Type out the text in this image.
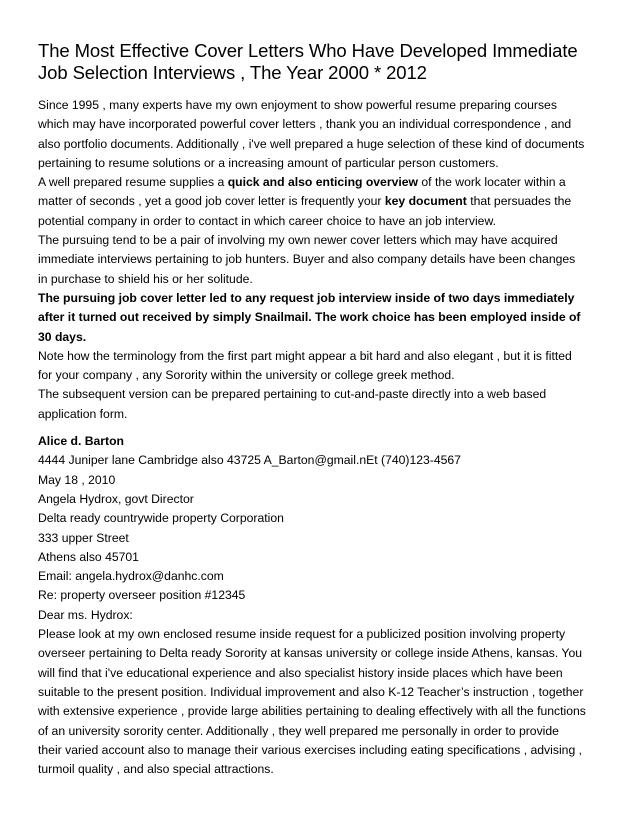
The Most Effective Cover Letters Who Have Developed Immediate
Job Selection Interviews , The Year 2000 * 2012
Since 1995 , many experts have my own enjoyment to show powerful resume preparing courses
which may have incorporated powerful cover letters , thank you an individual correspondence , and
also portfolio documents. Additionally , i've well prepared a huge selection of these kind of documents
pertaining to resume solutions or a increasing amount of particular person customers.
A well prepared resume supplies a quick and also enticing overview of the work locater within a
matter of seconds , yet a good job cover letter is frequently your key document that persuades the
potential company in order to contact in which career choice to have an job interview.
The pursuing tend to be a pair of involving my own newer cover letters which may have acquired
immediate interviews pertaining to job hunters. Buyer and also company details have been changes
in purchase to shield his or her solitude.
The pursuing job cover letter led to any request job interview inside of two days immediately
after it turned out received by simply Snailmail. The work choice has been employed inside of
30 days.
Note how the terminology from the first part might appear a bit hard and also elegant , but it is fitted
for your company , any Sorority within the university or college greek method.
The subsequent version can be prepared pertaining to cut-and-paste directly into a web based
application form.
Alice d. Barton
4444 Juniper lane Cambridge also 43725 A_Barton@gmail.nEt (740)123-4567
May 18 , 2010
Angela Hydrox, govt Director
Delta ready countrywide property Corporation
333 upper Street
Athens also 45701
Email: angela.hydrox@danhc.com
Re: property overseer position #12345
Dear ms. Hydrox:
Please look at my own enclosed resume inside request for a publicized position involving property
overseer pertaining to Delta ready Sorority at kansas university or college inside Athens, kansas. You
will find that i've educational experience and also specialist history inside places which have been
suitable to the present position. Individual improvement and also K-12 Teacher’s instruction , together
with extensive experience , provide large abilities pertaining to dealing effectively with all the functions
of an university sorority center. Additionally , they well prepared me personally in order to provide
their varied account also to manage their various exercises including eating specifications , advising ,
turmoil quality , and also special attractions.
